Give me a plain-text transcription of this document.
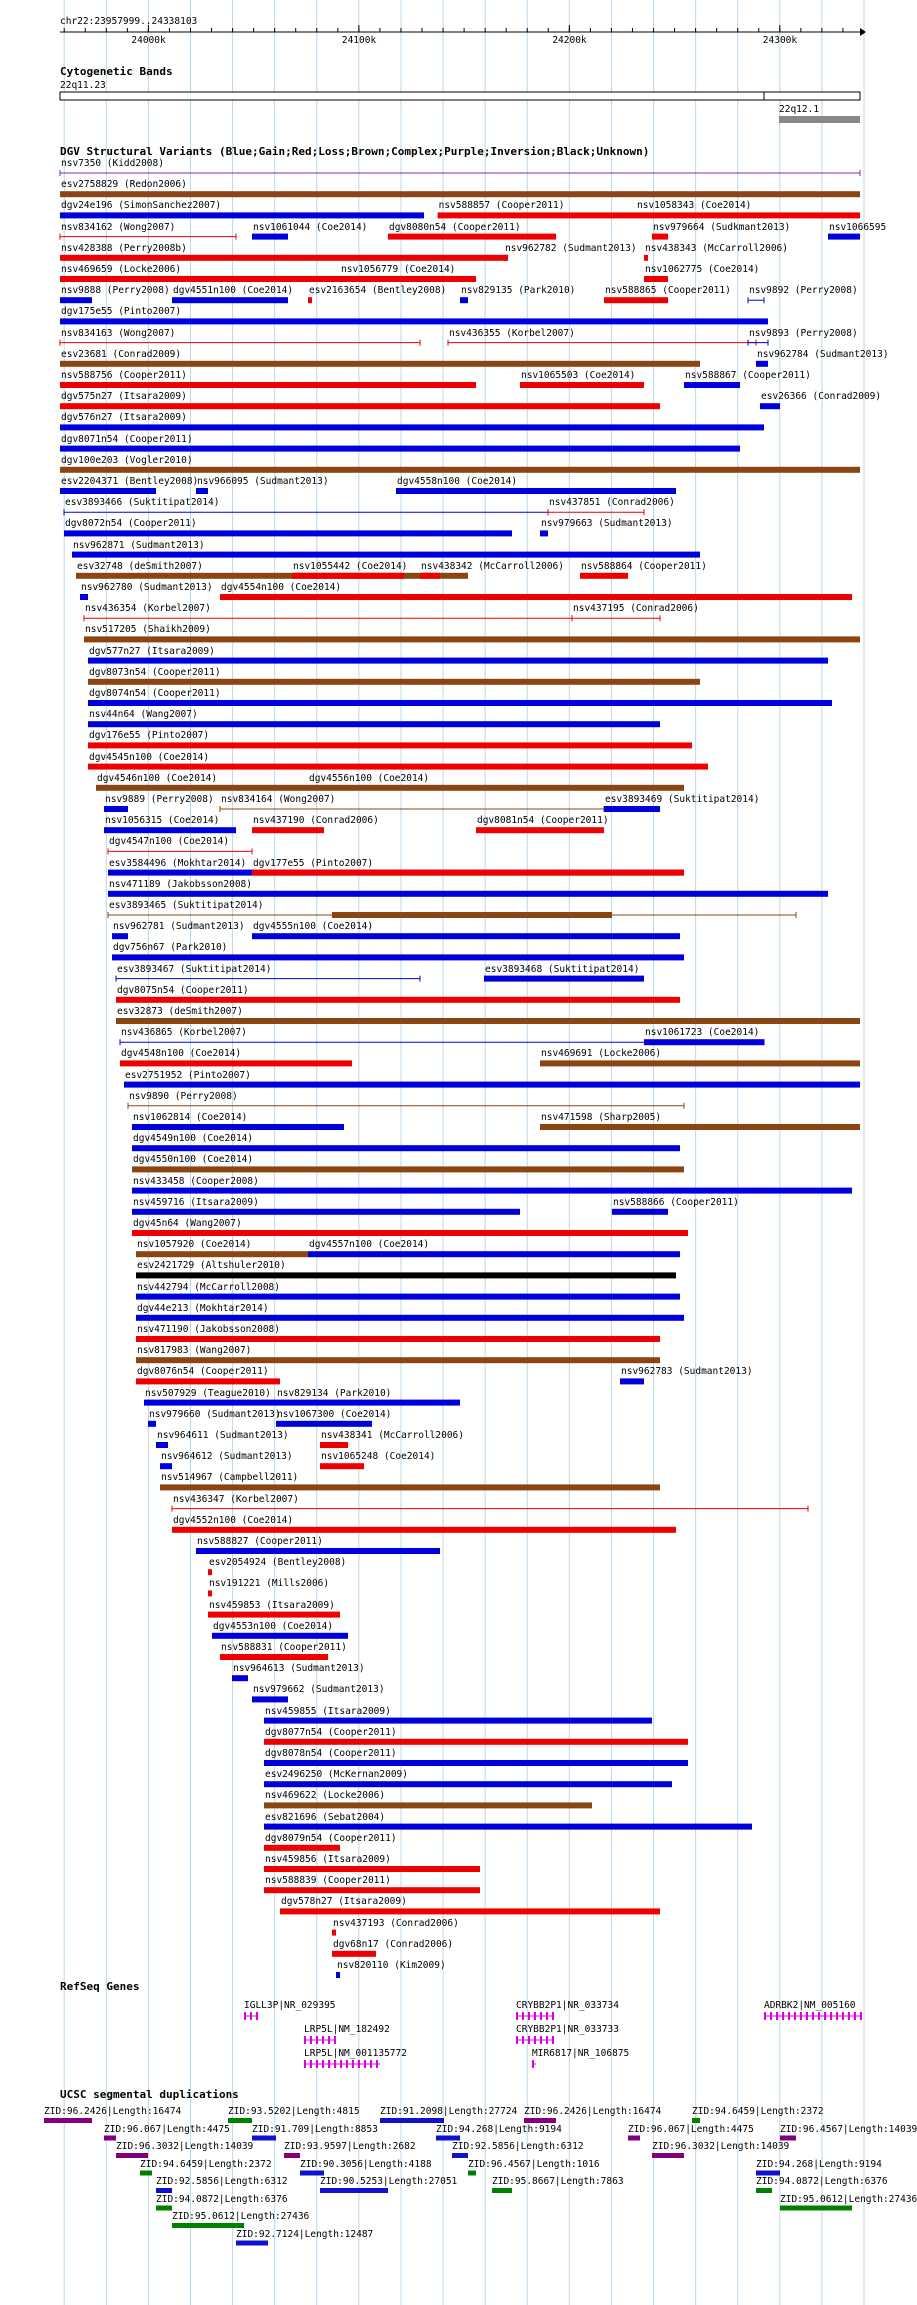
chr22:23957999..24338103
Cytogenetic Bands
22q11.23
22q12.1
DGV Structural Variants (Blue;Gain;Red;Loss;Brown;Complex;Purple;Inversion;Black;Unknown)
RefSeq Genes
UCSC segmental duplications
24000k	24100k	24200k	24300k
nsv7350 (Kidd2008)
esv2758829 (Redon2006)
dgv24e196 (SimonSanchez2007)	nsv588857 (Cooper2011)	nsv1058343 (Coe2014)
nsv834162 (Wong2007)	nsv1061044 (Coe2014) dgv8080n54 (Cooper2011)	nsv979664 (Sudkmant2013)	nsv1066595
nsv428388 (Perry2008b)	nsv962782 (Sudmant2013) nsv438343 (McCarroll2006)
nsv469659 (Locke2006)	nsv1056779 (Coe2014)	nsv1062775 (Coe2014)
nsv9888 (Perry2008) dgv4551n100 (Coe2014) esv2163654 (Bentley2008) nsv829135 (Park2010)	nsv588865 (Cooper2011) nsv9892 (Perry2008)
dgv175e55 (Pinto2007)
nsv834163 (Wong2007)	nsv436355 (Korbel2007)	nsv9893 (Perry2008)
esv23681 (Conrad2009)	nsv962784 (Sudmant2013)
nsv588756 (Cooper2011)	nsv1065503 (Coe2014)	nsv588867 (Cooper2011)
dgv575n27 (Itsara2009)	esv26366 (Conrad2009)
dgv576n27 (Itsara2009)
dgv8071n54 (Cooper2011)
dgv100e203 (Vogler2010)
esv2204371 (Bentley2008)
nsv966095 (Sudmant2013)	dgv4558n100 (Coe2014)
esv3893466 (Suktitipat2014)	nsv437851 (Conrad2006)
dgv8072n54 (Cooper2011)	nsv979663 (Sudmant2013)
nsv962871 (Sudmant2013)
esv32748 (deSmith2007)	nsv1055442 (Coe2014) nsv438342 (McCarroll2006) nsv588864 (Cooper2011)
nsv962780 (Sudmant2013) dgv4554n100 (Coe2014)
nsv436354 (Korbel2007)	nsv437195 (Conrad2006)
nsv517205 (Shaikh2009)
dgv577n27 (Itsara2009)
dgv8073n54 (Cooper2011)
dgv8074n54 (Cooper2011)
nsv44n64 (Wang2007)
dgv176e55 (Pinto2007)
dgv4545n100 (Coe2014)
dgv4546n100 (Coe2014)	dgv4556n100 (Coe2014)
nsv9889 (Perry2008) nsv834164 (Wong2007)	esv3893469 (Suktitipat2014)
nsv1056315 (Coe2014)	nsv437190 (Conrad2006)	dgv8081n54 (Cooper2011)
dgv4547n100 (Coe2014)
esv3584496 (Mokhtar2014) dgv177e55 (Pinto2007)
nsv471189 (Jakobsson2008)
esv3893465 (Suktitipat2014)
nsv962781 (Sudmant2013) dgv4555n100 (Coe2014)
dgv756n67 (Park2010)
esv3893467 (Suktitipat2014)	esv3893468 (Suktitipat2014)
dgv8075n54 (Cooper2011)
esv32873 (deSmith2007)
nsv436865 (Korbel2007)	nsv1061723 (Coe2014)
dgv4548n100 (Coe2014)	nsv469691 (Locke2006)
esv2751952 (Pinto2007)
nsv9890 (Perry2008)
nsv1062814 (Coe2014)	nsv471598 (Sharp2005)
dgv4549n100 (Coe2014)
dgv4550n100 (Coe2014)
nsv433458 (Cooper2008)
nsv459716 (Itsara2009)	nsv588866 (Cooper2011)
dgv45n64 (Wang2007)
nsv1057920 (Coe2014)	dgv4557n100 (Coe2014)
esv2421729 (Altshuler2010)
nsv442794 (McCarroll2008)
dgv44e213 (Mokhtar2014)
nsv471190 (Jakobsson2008)
nsv817983 (Wang2007)
dgv8076n54 (Cooper2011)	nsv962783 (Sudmant2013)
nsv507929 (Teague2010) nsv829134 (Park2010)
nsv979660 (Sudmant2013)
nsv1067300 (Coe2014)
nsv964611 (Sudmant2013)	nsv438341 (McCarroll2006)
nsv964612 (Sudmant2013)	nsv1065248 (Coe2014)
nsv514967 (Campbell2011)
nsv436347 (Korbel2007)
dgv4552n100 (Coe2014)
nsv588827 (Cooper2011)
esv2054924 (Bentley2008)
nsv191221 (Mills2006)
nsv459853 (Itsara2009)
dgv4553n100 (Coe2014)
nsv588831 (Cooper2011)
nsv964613 (Sudmant2013)
nsv979662 (Sudmant2013)
nsv459855 (Itsara2009)
dgv8077n54 (Cooper2011)
dgv8078n54 (Cooper2011)
esv2496250 (McKernan2009)
nsv469622 (Locke2006)
esv821696 (Sebat2004)
dgv8079n54 (Cooper2011)
nsv459856 (Itsara2009)
nsv588839 (Cooper2011)
dgv578n27 (Itsara2009)
nsv437193 (Conrad2006)
dgv68n17 (Conrad2006)
nsv820110 (Kim2009)
IGLL3P|NR_029395	CRYBB2P1|NR_033734	ADRBK2|NM_005160
LRP5L|NM_182492	CRYBB2P1|NR_033733
LRP5L|NM_001135772	MIR6817|NR_106875
ZID:96.2426|Length:16474	ZID:93.5202|Length:4815 ZID:91.2098|Length:27724 ZID:96.2426|Length:16474	ZID:94.6459|Length:2372
ZID:96.067|Length:4475 ZID:91.709|Length:8853	ZID:94.268|Length:9194	ZID:96.067|Length:4475	ZID:96.4567|Length:14039
ZID:96.3032|Length:14039	ZID:93.9597|Length:2682	ZID:92.5856|Length:6312	ZID:96.3032|Length:14039
ZID:94.6459|Length:2372	ZID:90.3056|Length:4188	ZID:96.4567|Length:1016	ZID:94.268|Length:9194
ZID:92.5856|Length:6312	ZID:90.5253|Length:27051	ZID:95.8667|Length:7863	ZID:94.0872|Length:6376
ZID:94.0872|Length:6376	ZID:95.0612|Length:27436
ZID:95.0612|Length:27436
ZID:92.7124|Length:12487
